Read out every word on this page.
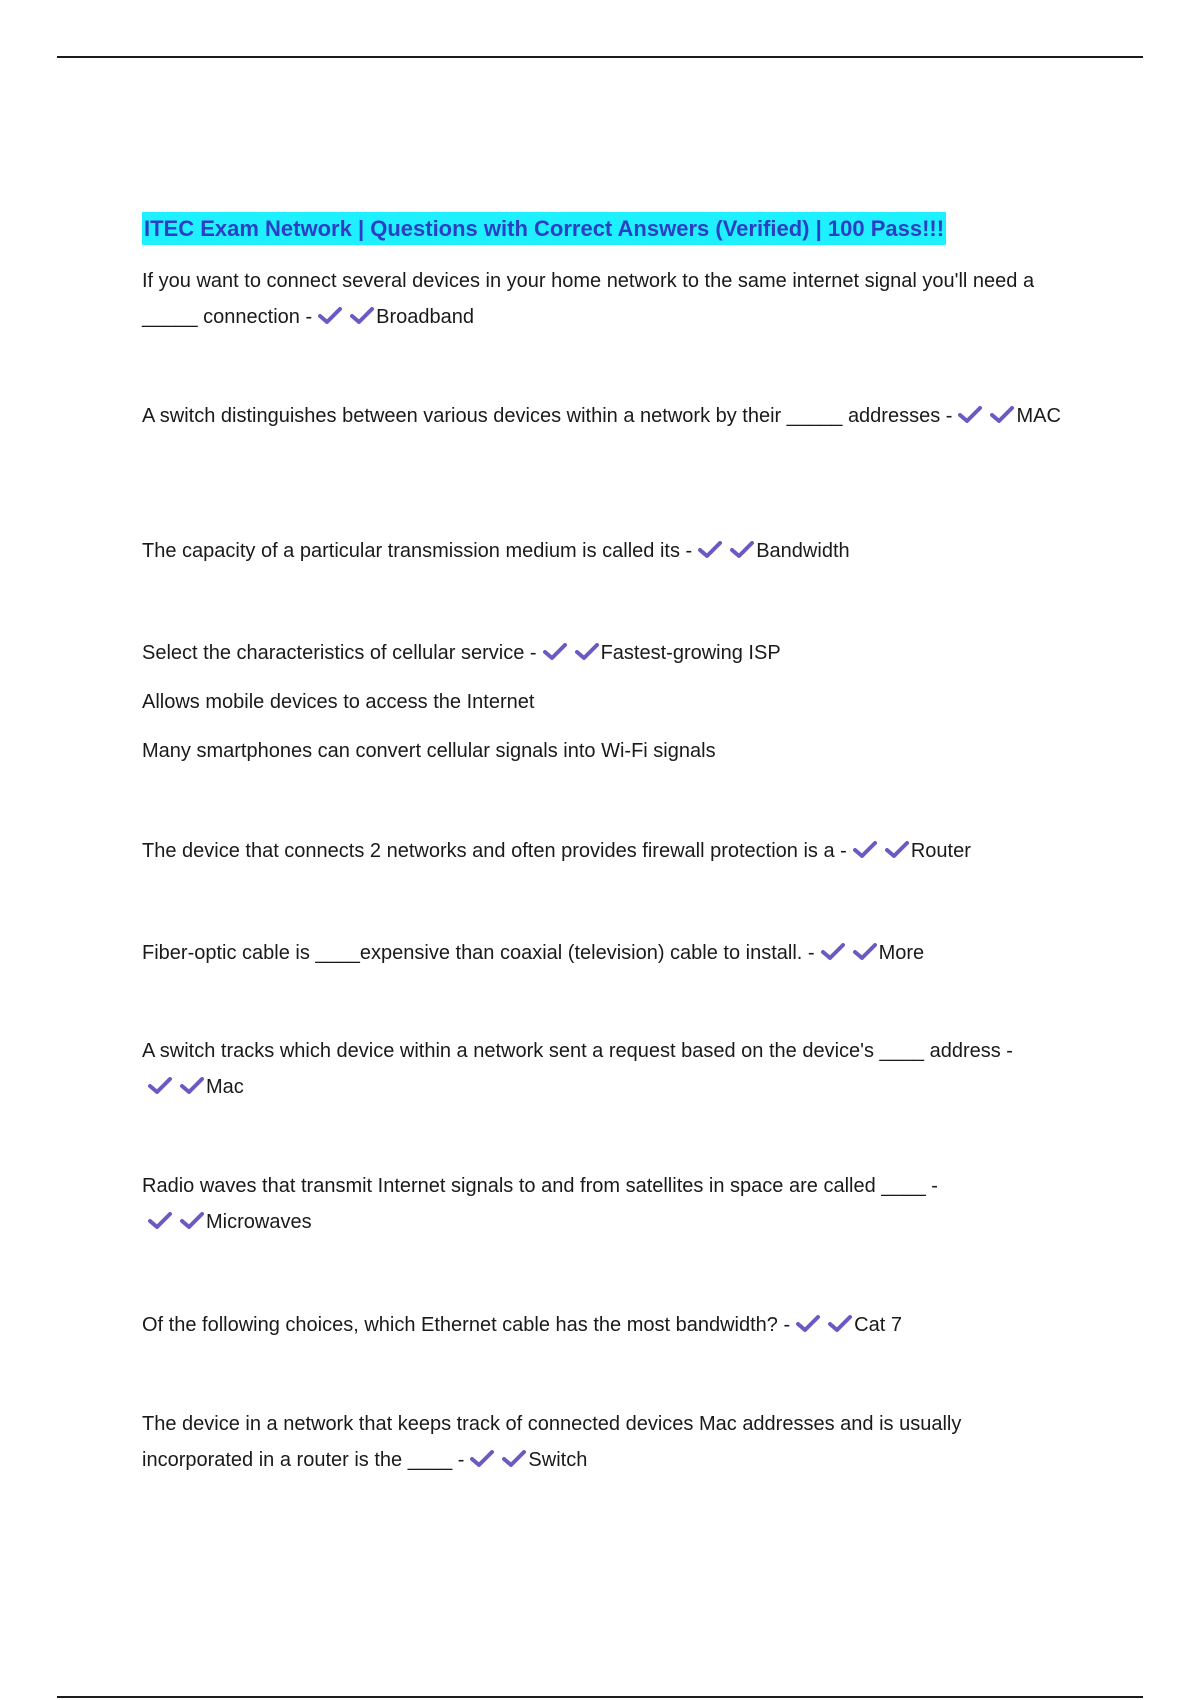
ITEC Exam Network | Questions with Correct Answers (Verified) | 100 Pass!!!

If you want to connect several devices in your home network to the same internet signal you'll need a _____ connection -	Broadband

A switch distinguishes between various devices within a network by their _____ addresses -	MAC

The capacity of a particular transmission medium is called its -	Bandwidth

Select the characteristics of cellular service -	Fastest-growing ISP

Allows mobile devices to access the Internet

Many smartphones can convert cellular signals into Wi-Fi signals

The device that connects 2 networks and often provides firewall protection is a -	Router

Fiber-optic cable is ____expensive than coaxial (television) cable to install. -	More

A switch tracks which device within a network sent a request based on the device's ____ address -
Mac

Radio waves that transmit Internet signals to and from satellites in space are called ____ -
Microwaves

Of the following choices, which Ethernet cable has the most bandwidth? -	Cat 7

The device in a network that keeps track of connected devices Mac addresses and is usually incorporated in a router is the ____ -	Switch
